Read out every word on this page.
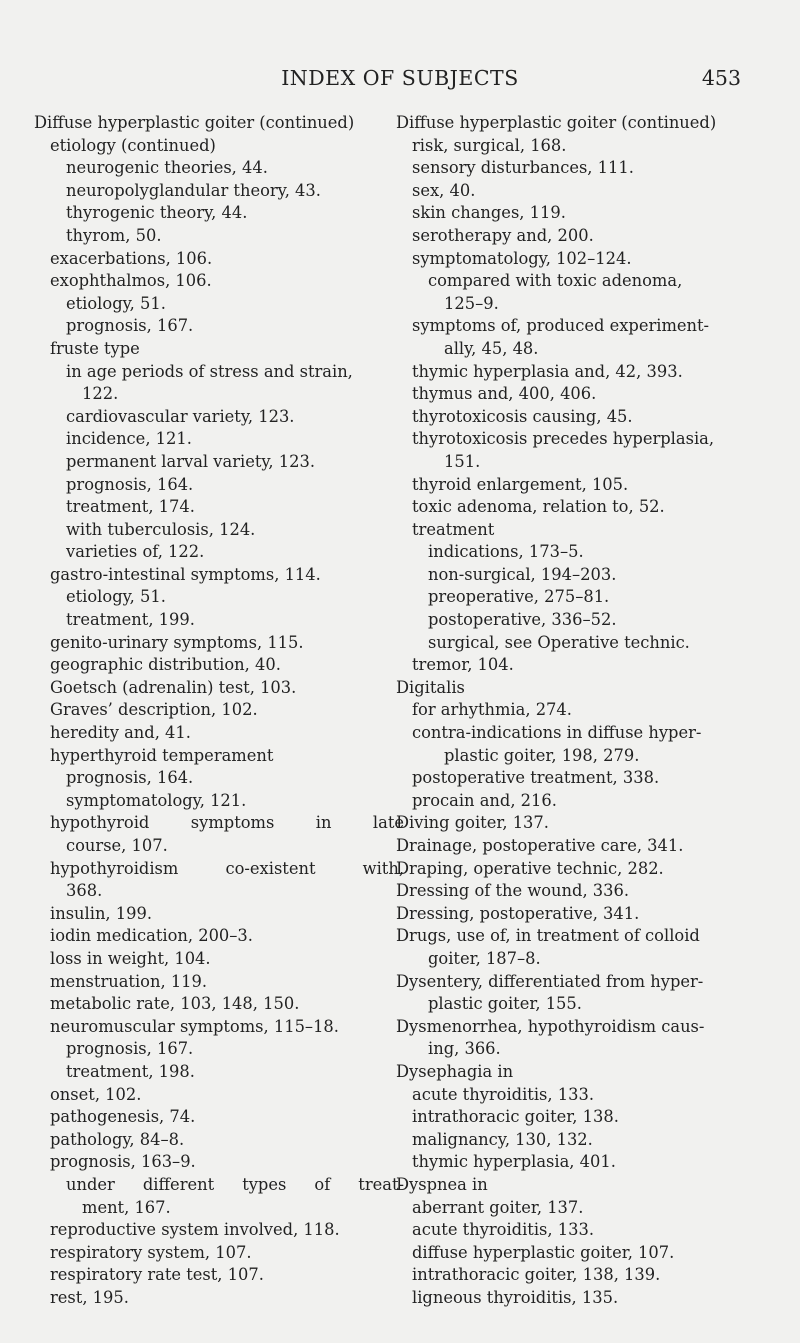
INDEX OF SUBJECTS	453
Diffuse hyperplastic goiter (continued)
etiology (continued)
neurogenic theories, 44.
neuropolyglandular theory, 43.
thyrogenic theory, 44.
thyrom, 50.
exacerbations, 106.
exophthalmos, 106.
etiology, 51.
prognosis, 167.
fruste type
in age periods of stress and strain,
122.
cardiovascular variety, 123.
incidence, 121.
permanent larval variety, 123.
prognosis, 164.
treatment, 174.
with tuberculosis, 124.
varieties of, 122.
gastro-intestinal symptoms, 114.
etiology, 51.
treatment, 199.
genito-urinary symptoms, 115.
geographic distribution, 40.
Goetsch (adrenalin) test, 103.
Graves’ description, 102.
heredity and, 41.
hyperthyroid temperament
prognosis, 164.
symptomatology, 121.
hypothyroid symptoms in late
course, 107.
hypothyroidism co-existent with,
368.
insulin, 199.
iodin medication, 200–3.
loss in weight, 104.
menstruation, 119.
metabolic rate, 103, 148, 150.
neuromuscular symptoms, 115–18.
prognosis, 167.
treatment, 198.
onset, 102.
pathogenesis, 74.
pathology, 84–8.
prognosis, 163–9.
under different types of treat-
ment, 167.
reproductive system involved, 118.
respiratory system, 107.
respiratory rate test, 107.
rest, 195.
Diffuse hyperplastic goiter (continued)
risk, surgical, 168.
sensory disturbances, 111.
sex, 40.
skin changes, 119.
serotherapy and, 200.
symptomatology, 102–124.
compared with toxic adenoma,
125–9.
symptoms of, produced experiment-
ally, 45, 48.
thymic hyperplasia and, 42, 393.
thymus and, 400, 406.
thyrotoxicosis causing, 45.
thyrotoxicosis precedes hyperplasia,
151.
thyroid enlargement, 105.
toxic adenoma, relation to, 52.
treatment
indications, 173–5.
non-surgical, 194–203.
preoperative, 275–81.
postoperative, 336–52.
surgical, see Operative technic.
tremor, 104.
Digitalis
for arhythmia, 274.
contra-indications in diffuse hyper-
plastic goiter, 198, 279.
postoperative treatment, 338.
procain and, 216.
Diving goiter, 137.
Drainage, postoperative care, 341.
Draping, operative technic, 282.
Dressing of the wound, 336.
Dressing, postoperative, 341.
Drugs, use of, in treatment of colloid
goiter, 187–8.
Dysentery, differentiated from hyper-
plastic goiter, 155.
Dysmenorrhea, hypothyroidism caus-
ing, 366.
Dysephagia in
acute thyroiditis, 133.
intrathoracic goiter, 138.
malignancy, 130, 132.
thymic hyperplasia, 401.
Dyspnea in
aberrant goiter, 137.
acute thyroiditis, 133.
diffuse hyperplastic goiter, 107.
intrathoracic goiter, 138, 139.
ligneous thyroiditis, 135.
